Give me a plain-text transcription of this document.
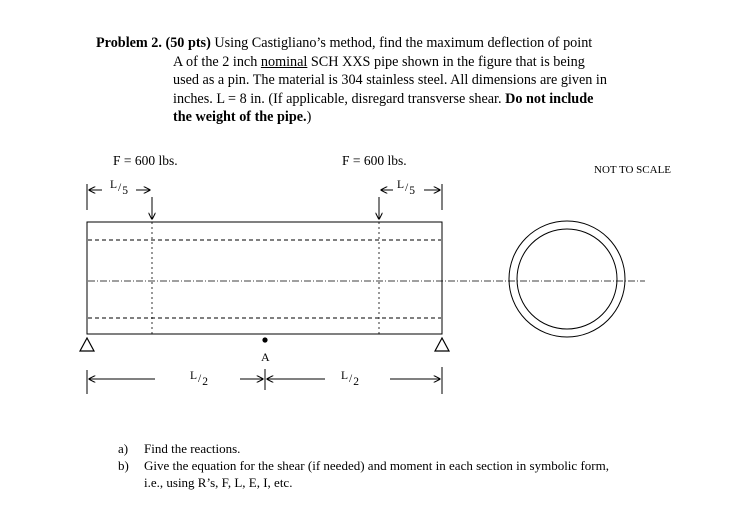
Problem 2. (50 pts) Using Castigliano’s method, find the maximum deflection of point
A of the 2 inch nominal SCH XXS pipe shown in the figure that is being
used as a pin. The material is 304 stainless steel. All dimensions are given in
inches. L = 8 in. (If applicable, disregard transverse shear. Do not include
the weight of the pipe.)
F = 600 lbs.	F = 600 lbs.
NOT TO SCALE
L/5	L/5
L/2	L/2
A
a) Find the reactions.
b) Give the equation for the shear (if needed) and moment in each section in symbolic form,
i.e., using R’s, F, L, E, I, etc.
